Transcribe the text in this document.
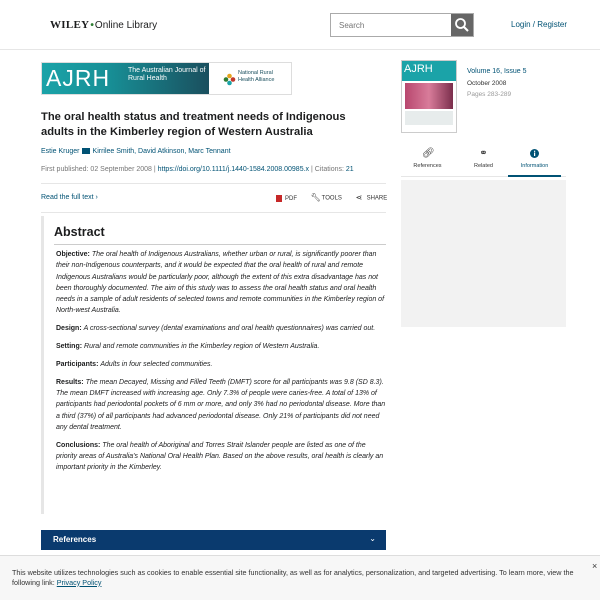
WILEY•Online Library
Search	Login / Register
AJRH	The Australian Journal of Rural Health
National Rural Health Alliance
The oral health status and treatment needs of Indigenous adults in the Kimberley region of Western Australia
Estie Kruger Kirrilee Smith, David Atkinson, Marc Tennant
First published: 02 September 2008 | https://doi.org/10.1111/j.1440-1584.2008.00985.x | Citations: 21
Read the full text ›	PDF 🔧︎TOOLS ⋖ SHARE
Abstract

Objective: The oral health of Indigenous Australians, whether urban or rural, is significantly poorer than their non-Indigenous counterparts, and it would be expected that the oral health of rural and remote Indigenous Australians would be particularly poor, although the extent of this extra disadvantage has not been thoroughly documented. The aim of this study was to assess the oral health status and oral health needs in a sample of adult residents of selected towns and remote communities in the Kimberley region of North-west Australia.

Design: A cross-sectional survey (dental examinations and oral health questionnaires) was carried out.

Setting: Rural and remote communities in the Kimberley region of Western Australia.

Participants: Adults in four selected communities.

Results: The mean Decayed, Missing and Filled Teeth (DMFT) score for all participants was 9.8 (SD 8.3). The mean DMFT increased with increasing age. Only 7.3% of people were caries-free. A total of 13% of participants had periodontal pockets of 6 mm or more, and only 3% had no periodontal disease. More than a third (37%) of all participants had advanced periodontal disease. Only 21% of participants did not need any dental treatment.

Conclusions: The oral health of Aboriginal and Torres Strait Islander people are listed as one of the priority areas of Australia's National Oral Health Plan. Based on the above results, oral health is clearly an important priority in the Kimberley.

References	⌄
AJRH	Volume 16, Issue 5
October 2008
Pages 283-289
🔗︎
References
⚭
Related	Information
This website utilizes technologies such as cookies to enable essential site functionality, as well as for analytics, personalization, and targeted advertising. To learn more, view the following link: Privacy Policy
×
